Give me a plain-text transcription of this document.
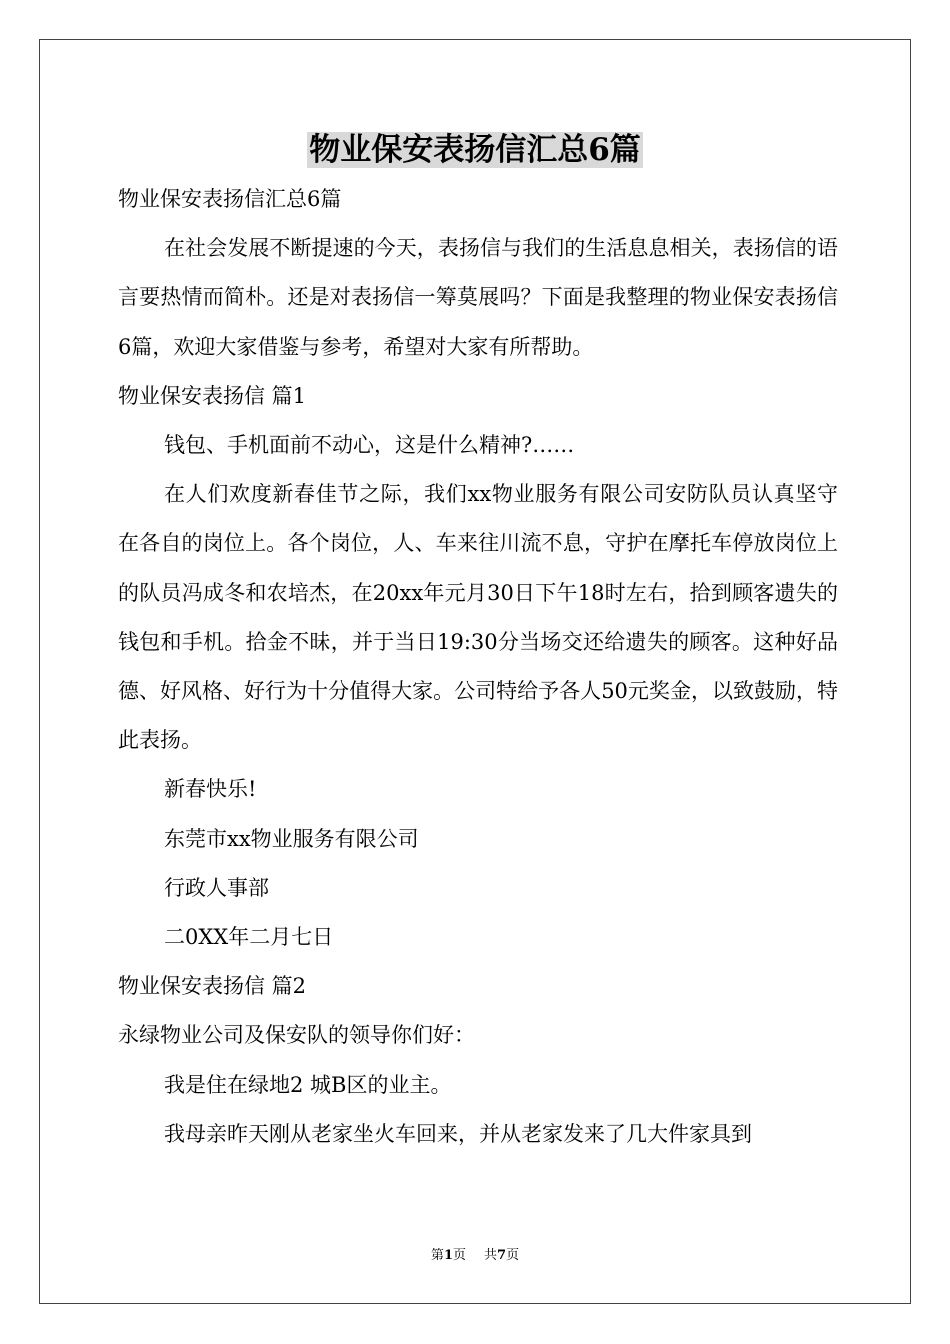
物业保安表扬信汇总6篇

物业保安表扬信汇总6篇

在社会发展不断提速的今天，表扬信与我们的生活息息相关，表扬信的语言要热情而简朴。还是对表扬信一筹莫展吗？下面是我整理的物业保安表扬信6篇，欢迎大家借鉴与参考，希望对大家有所帮助。

物业保安表扬信 篇1

钱包、手机面前不动心，这是什么精神?……

在人们欢度新春佳节之际，我们xx物业服务有限公司安防队员认真坚守在各自的岗位上。各个岗位，人、车来往川流不息，守护在摩托车停放岗位上的队员冯成冬和农培杰，在20xx年元月30日下午18时左右，拾到顾客遗失的钱包和手机。拾金不昧，并于当日19:30分当场交还给遗失的顾客。这种好品德、好风格、好行为十分值得大家。公司特给予各人50元奖金，以致鼓励，特此表扬。

新春快乐!

东莞市xx物业服务有限公司

行政人事部

二0XX年二月七日

物业保安表扬信 篇2

永绿物业公司及保安队的领导你们好：

我是住在绿地2 城B区的业主。

我母亲昨天刚从老家坐火车回来，并从老家发来了几大件家具到

第1页 共7页
